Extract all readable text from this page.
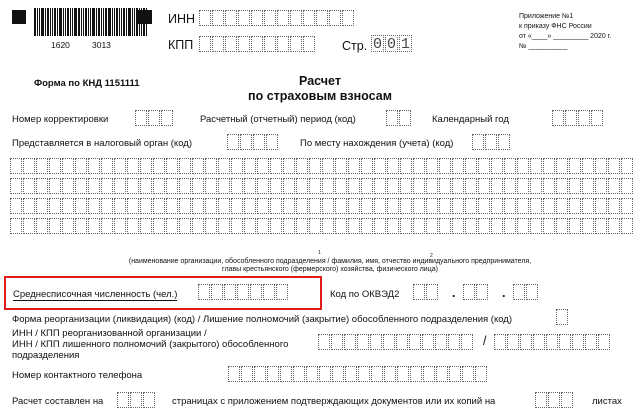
1620	3013
ИНН
КПП	Стр. 0 0 1
Приложение №1
к приказу ФНС России
от «____» _________ 2020 г.
№ __________
Форма по КНД 1151111	Расчет
по страховым взносам
Номер корректировки	Расчетный (отчетный) период (код)	Календарный год
Представляется в налоговый орган (код)	По месту нахождения (учета) (код)
(наименование организации, обособленного подразделения / фамилия, имя, отчество индивидуального предпринимателя,
главы крестьянского (фермерского) хозяйства, физического лица)
1	2
Среднесписочная численность (чел.)	Код по ОКВЭД2	.	.
Форма реорганизации (ликвидация) (код) / Лишение полномочий (закрытие) обособленного подразделения (код)
ИНН / КПП реорганизованной организации /
ИНН / КПП лишенного полномочий (закрытого) обособленного
подразделения
/
Номер контактного телефона
Расчет составлен на	страницах с приложением подтверждающих документов или их копий на	листах
